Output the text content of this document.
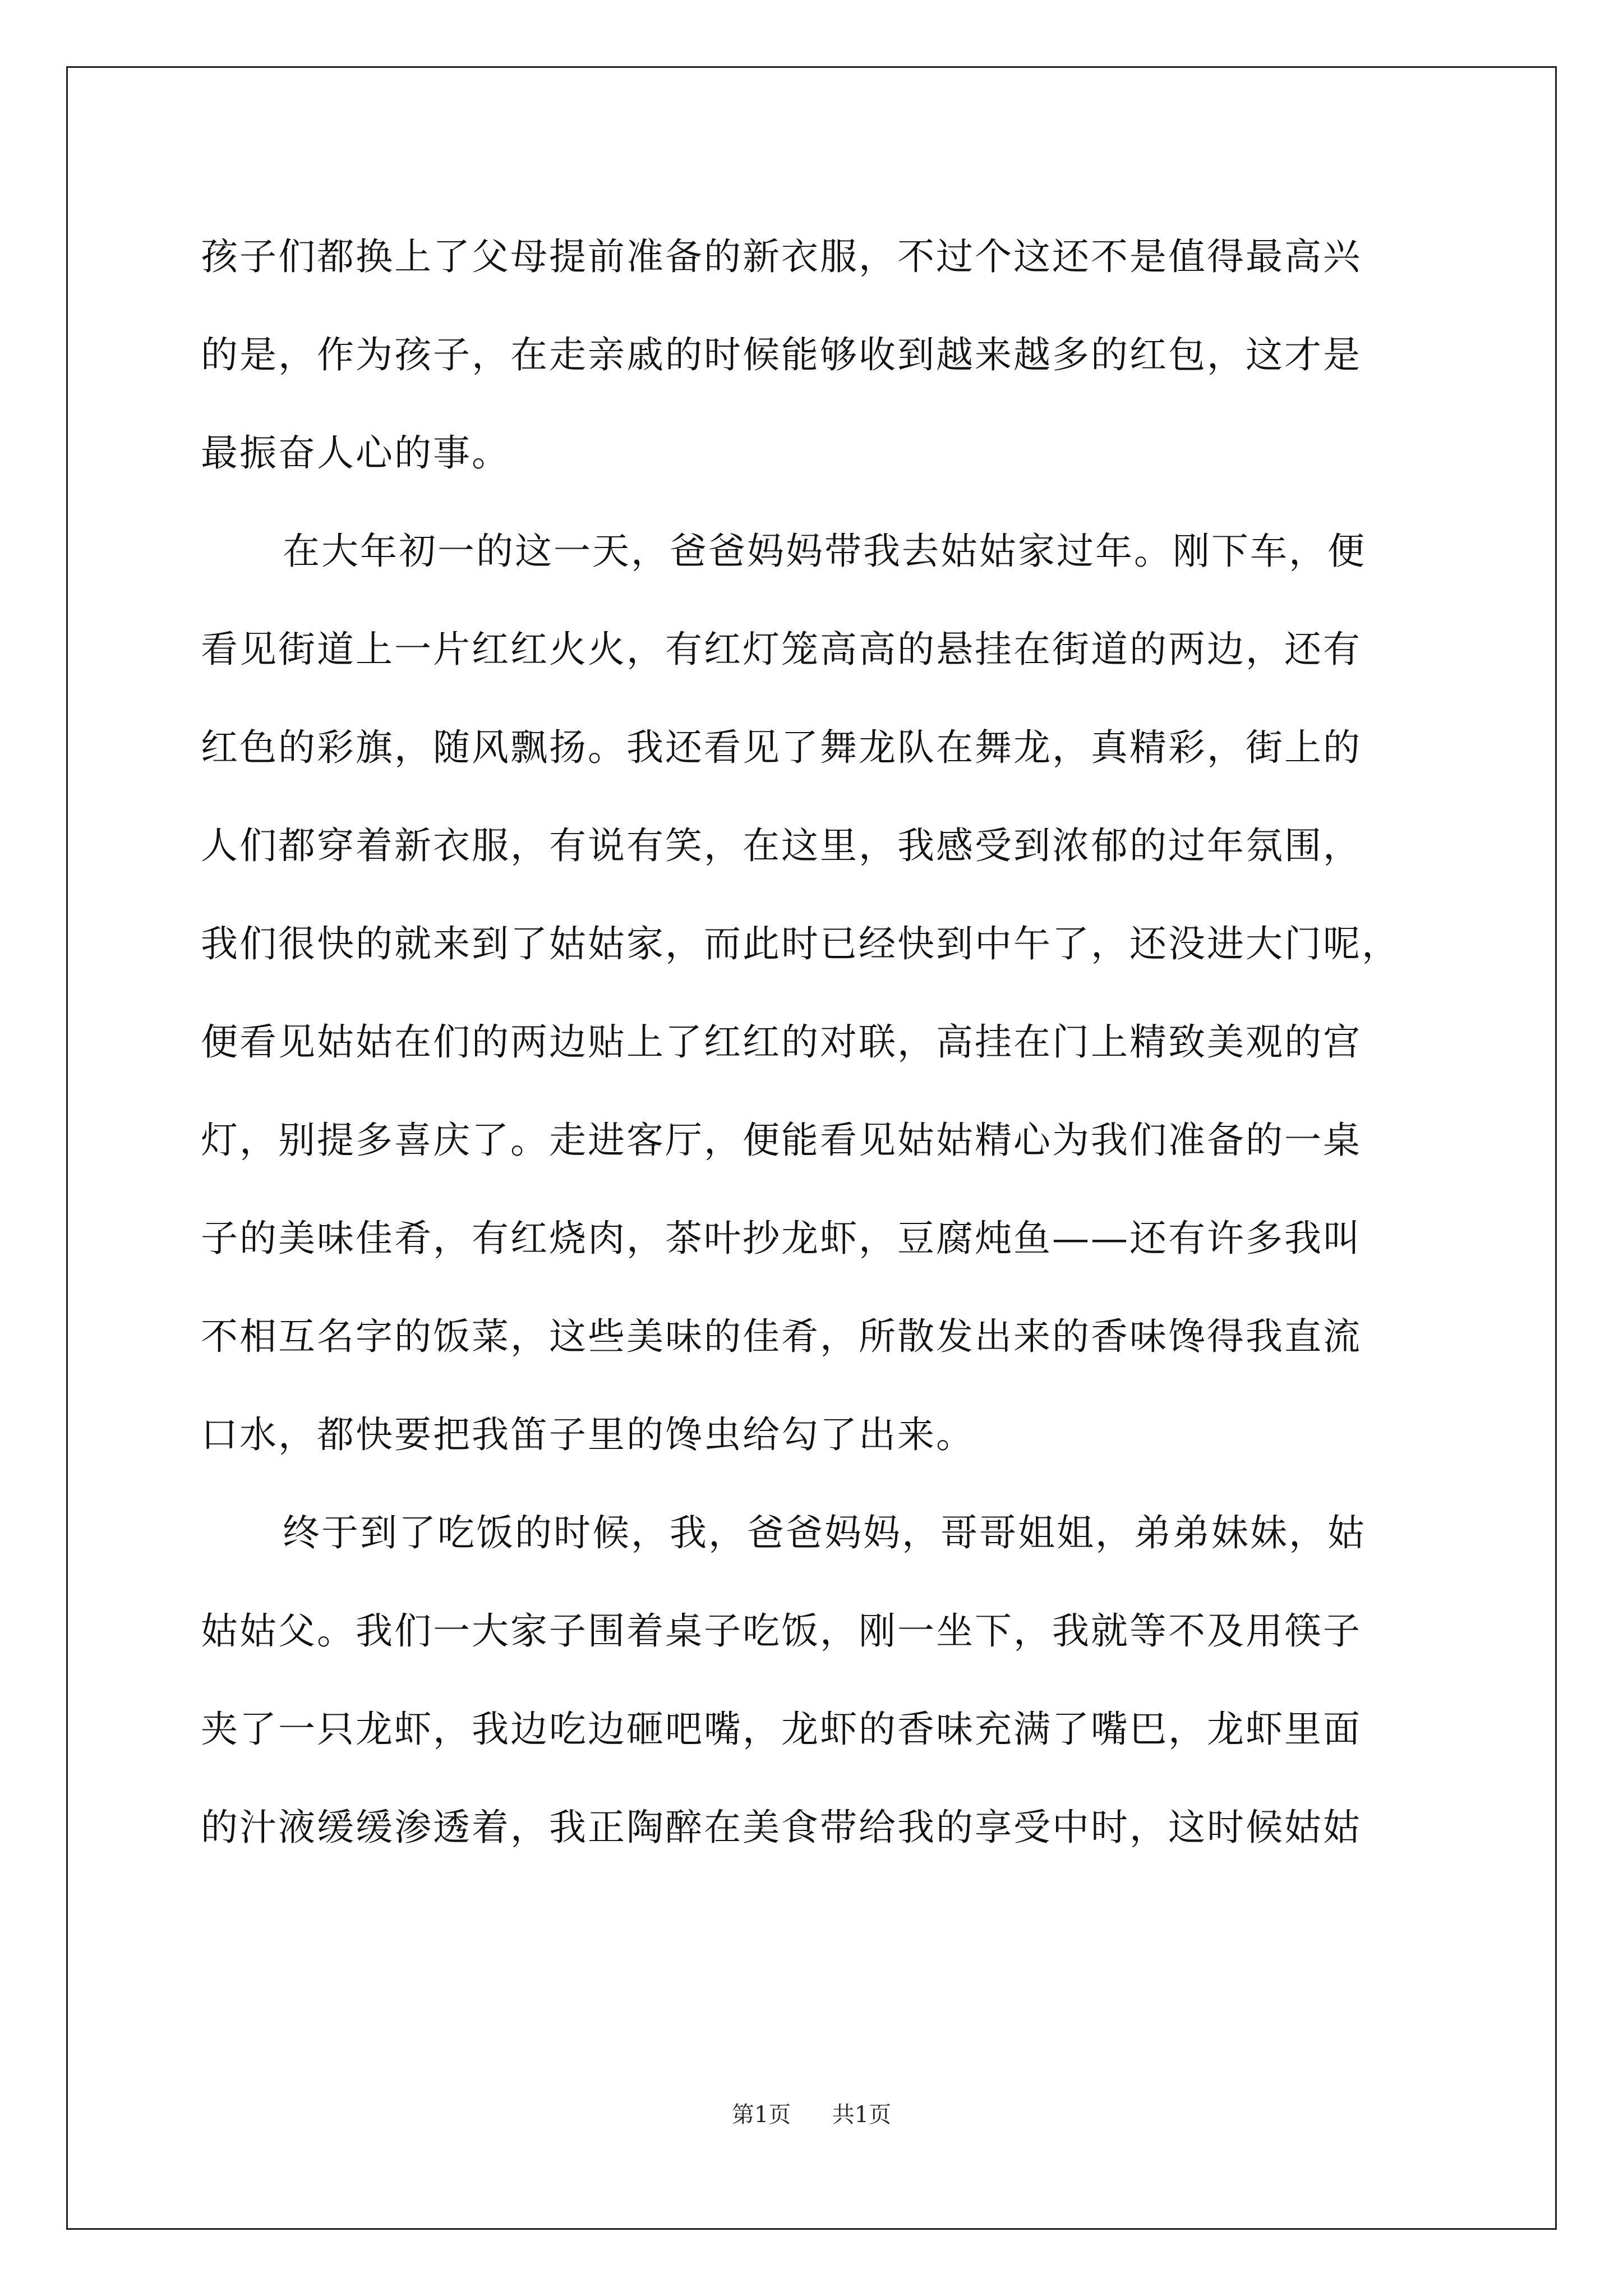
孩子们都换上了父母提前准备的新衣服，不过个这还不是值得最高兴
的是，作为孩子，在走亲戚的时候能够收到越来越多的红包，这才是
最振奋人心的事。
在大年初一的这一天，爸爸妈妈带我去姑姑家过年。刚下车，便
看见街道上一片红红火火，有红灯笼高高的悬挂在街道的两边，还有
红色的彩旗，随风飘扬。我还看见了舞龙队在舞龙，真精彩，街上的
人们都穿着新衣服，有说有笑，在这里，我感受到浓郁的过年氛围，
我们很快的就来到了姑姑家，而此时已经快到中午了，还没进大门呢，
便看见姑姑在们的两边贴上了红红的对联，高挂在门上精致美观的宫
灯，别提多喜庆了。走进客厅，便能看见姑姑精心为我们准备的一桌
子的美味佳肴，有红烧肉，茶叶抄龙虾，豆腐炖鱼——还有许多我叫
不相互名字的饭菜，这些美味的佳肴，所散发出来的香味馋得我直流
口水，都快要把我笛子里的馋虫给勾了出来。
终于到了吃饭的时候，我，爸爸妈妈，哥哥姐姐，弟弟妹妹，姑
姑姑父。我们一大家子围着桌子吃饭，刚一坐下，我就等不及用筷子
夹了一只龙虾，我边吃边砸吧嘴，龙虾的香味充满了嘴巴，龙虾里面
的汁液缓缓渗透着，我正陶醉在美食带给我的享受中时，这时候姑姑
第1页 共1页
